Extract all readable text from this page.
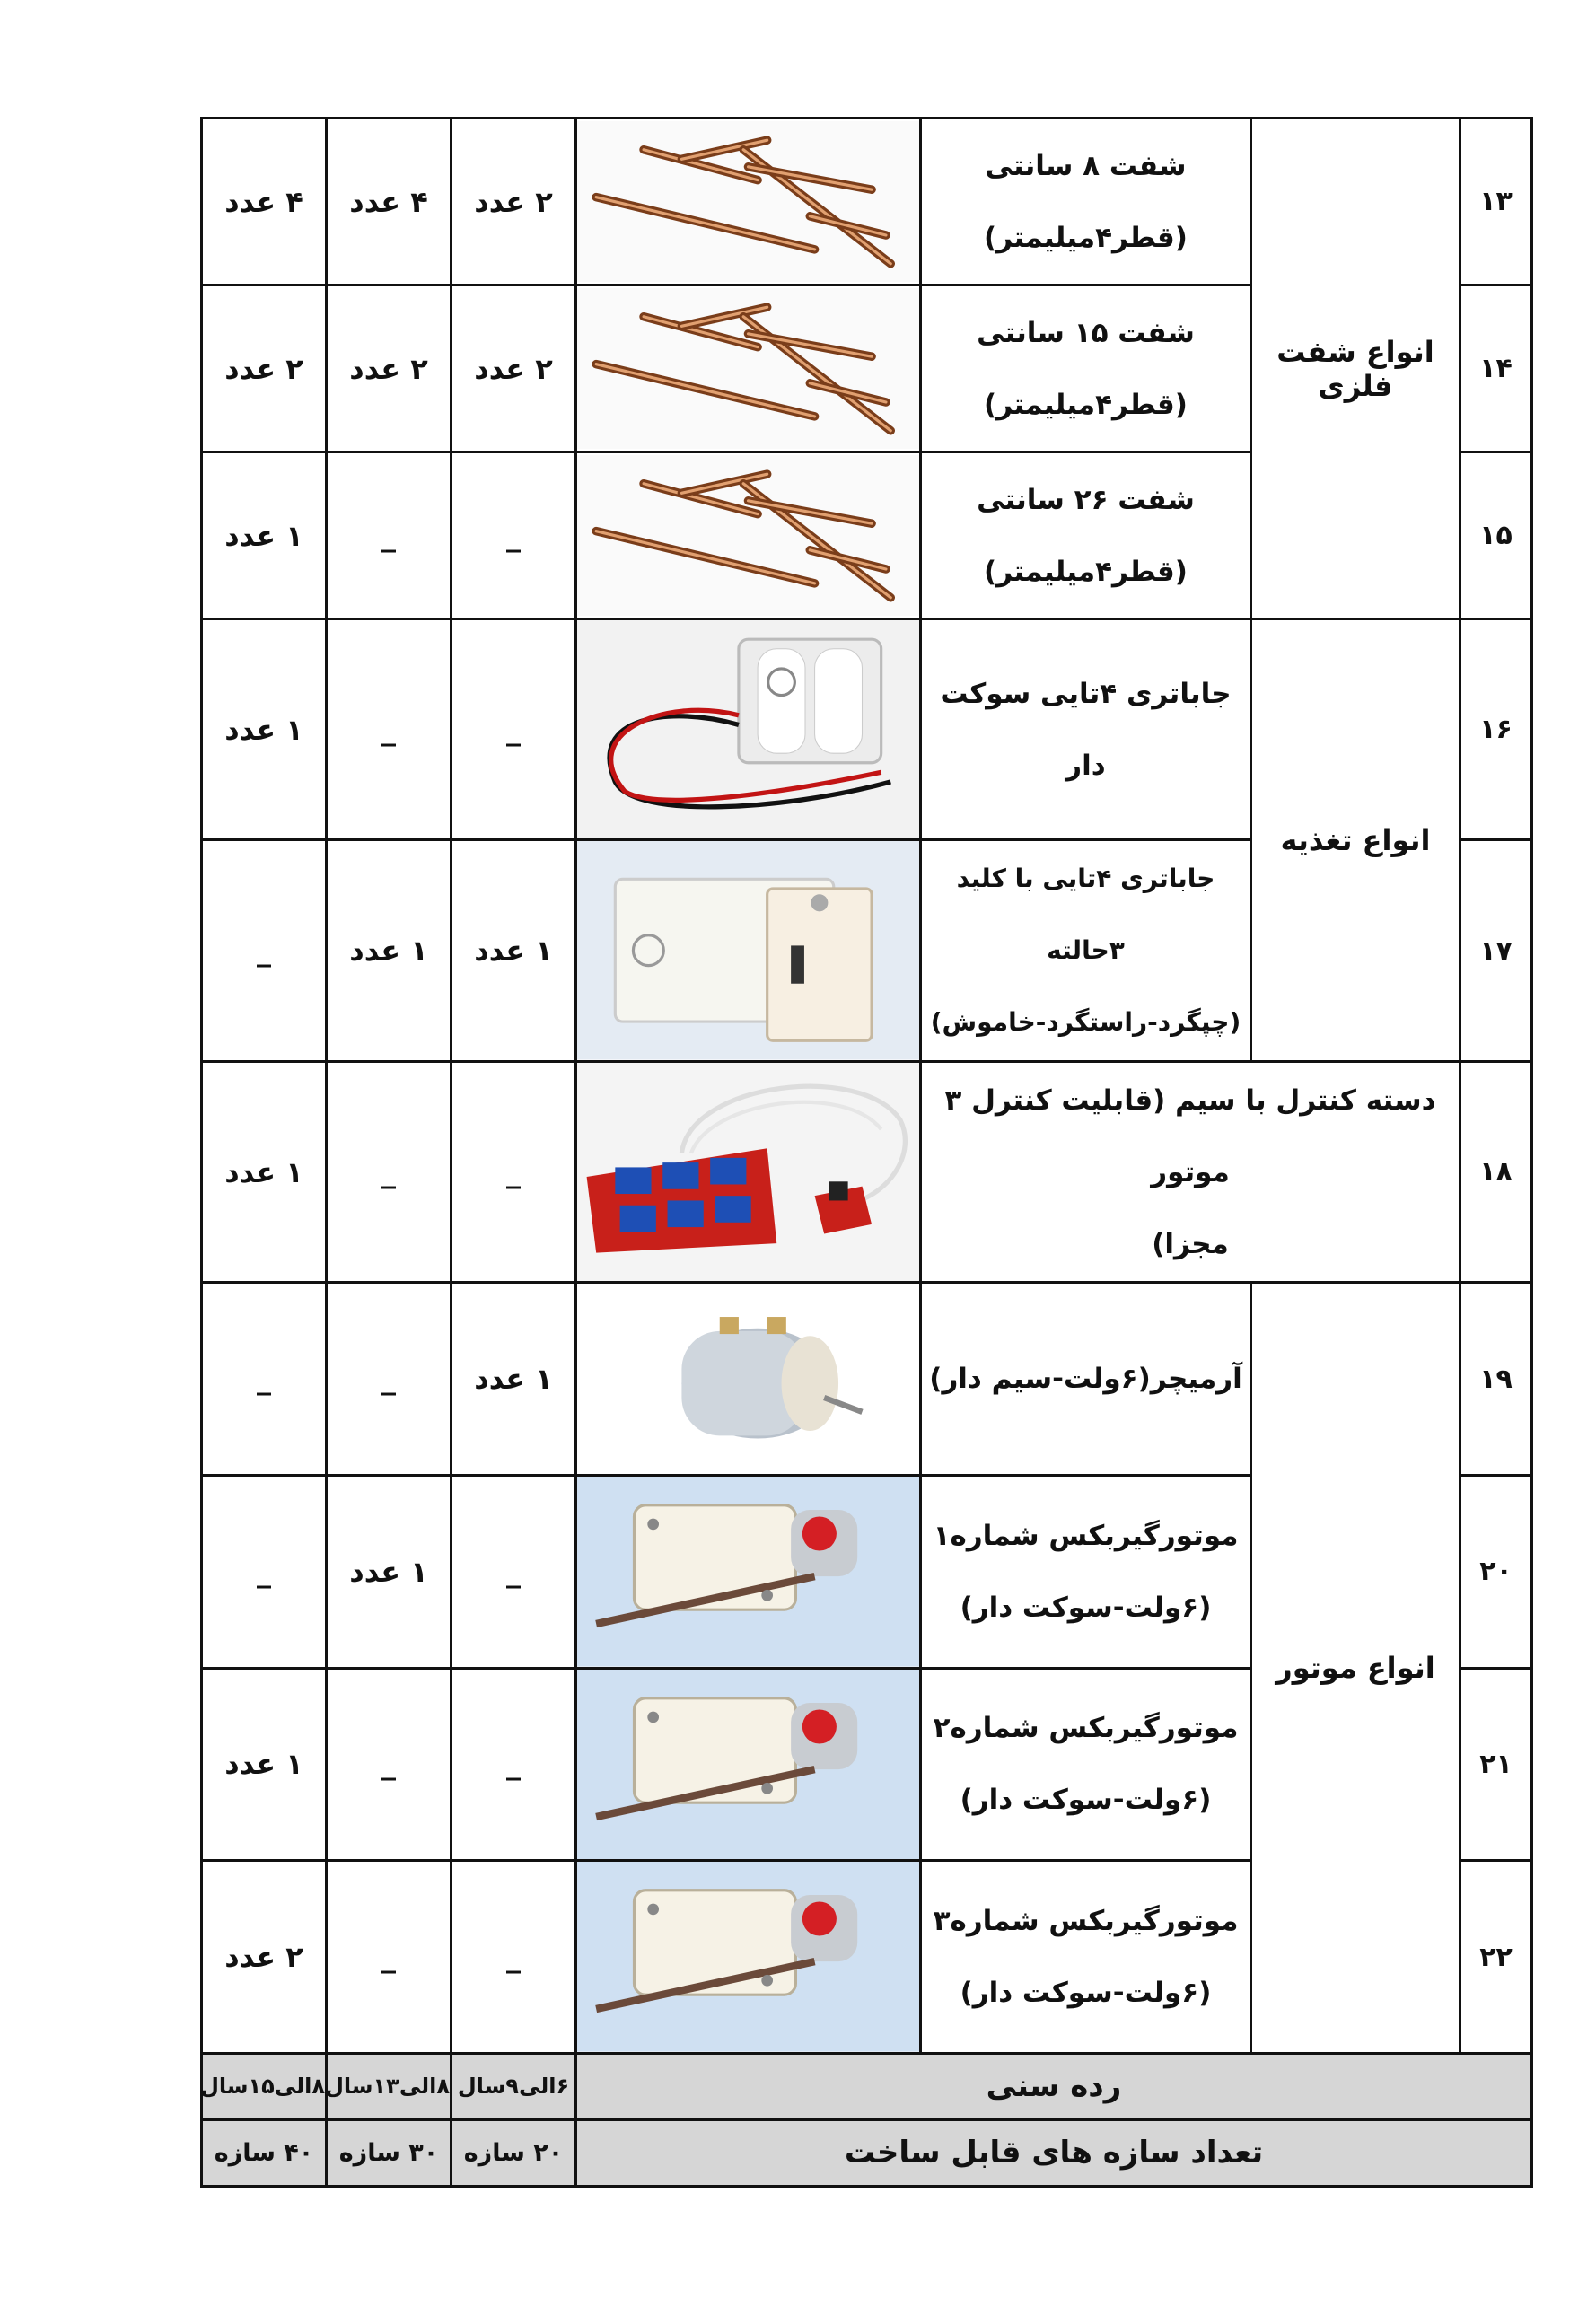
۱۳	انواع شفت فلزی	شفت ۸ سانتی
(قطر۴میلیمتر)		۲ عدد	۴ عدد	۴ عدد
۱۴		شفت ۱۵ سانتی
(قطر۴میلیمتر)		۲ عدد	۲ عدد	۲ عدد
۱۵		شفت ۲۶ سانتی
(قطر۴میلیمتر)		_	_	۱ عدد
۱۶	انواع تغذیه	جاباتری ۴تایی سوکت دار		_	_	۱ عدد
۱۷		جاباتری ۴تایی با کلید ۳حالته
(چپگرد-راستگرد-خاموش)		۱ عدد	۱ عدد	_
۱۸	دسته کنترل با سیم (قابلیت کنترل ۳ موتور
مجزا)			_	_	۱ عدد
۱۹	انواع موتور	آرمیچر(۶ولت-سیم دار)		۱ عدد	_	_
۲۰		موتورگیربکس شماره۱
(۶ولت-سوکت دار)		_	۱ عدد	_
۲۱		موتورگیربکس شماره۲
(۶ولت-سوکت دار)		_	_	۱ عدد
۲۲		موتورگیربکس شماره۳
(۶ولت-سوکت دار)		_	_	۲ عدد
رده سنی				۶الی۹سال	۸الی۱۳سال	۸الی۱۵سال
تعداد سازه های قابل ساخت				۲۰ سازه	۳۰ سازه	۴۰ سازه
